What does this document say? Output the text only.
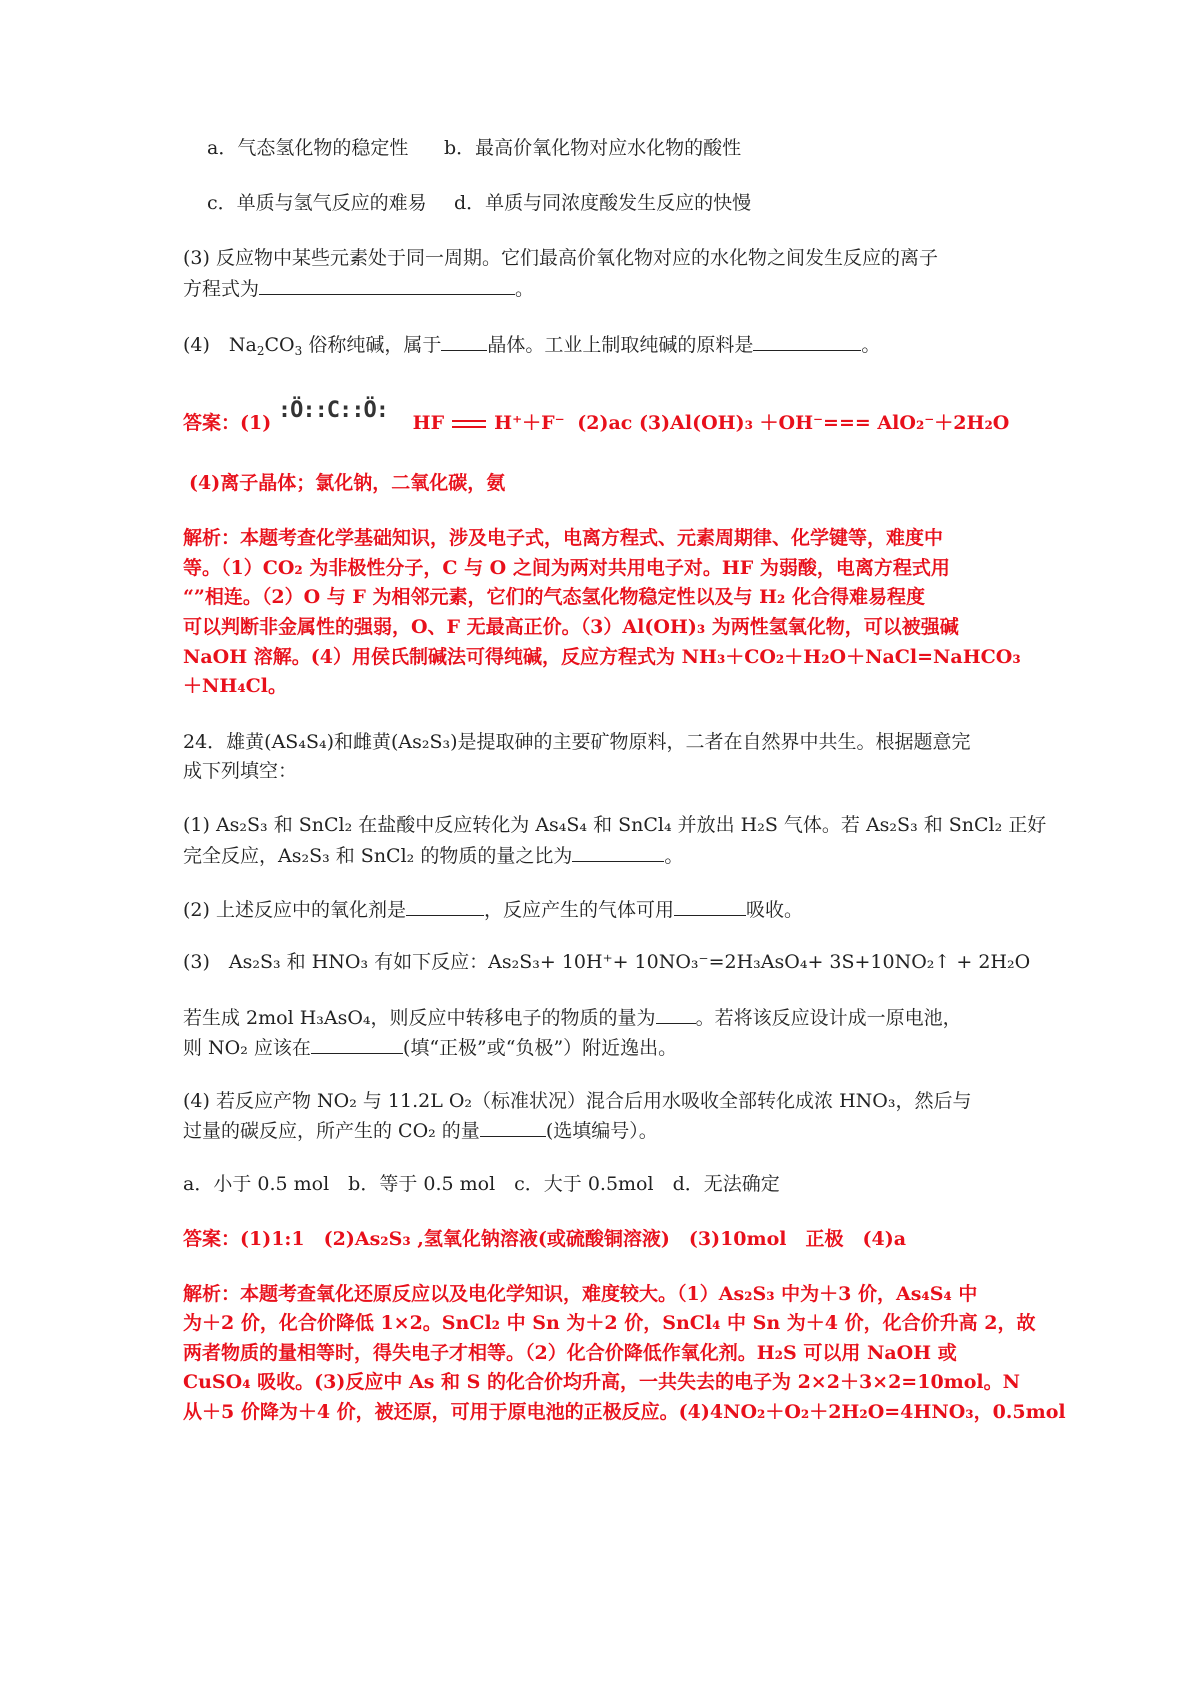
a．气态氢化物的稳定性 b．最高价氧化物对应水化物的酸性
c．单质与氢气反应的难易 d．单质与同浓度酸发生反应的快慢
(3) 反应物中某些元素处于同一周期。它们最高价氧化物对应的水化物之间发生反应的离子
方程式为	。
(4)　$Na_2CO_3$ 俗称纯碱，属于 晶体。工业上制取纯碱的原料是	。
答案：(1) :Ö::C::Ö: HF	H⁺＋F⁻ (2)ac (3)Al(OH)₃ ＋OH⁻=== AlO₂⁻＋2H₂O
(4)离子晶体；氯化钠，二氧化碳，氨
解析：本题考查化学基础知识，涉及电子式，电离方程式、元素周期律、化学键等，难度中
等。（1）CO₂ 为非极性分子，C 与 O 之间为两对共用电子对。HF 为弱酸，电离方程式用
“”相连。（2）O 与 F 为相邻元素，它们的气态氢化物稳定性以及与 H₂ 化合得难易程度
可以判断非金属性的强弱，O、F 无最高正价。（3）Al(OH)₃ 为两性氢氧化物，可以被强碱
NaOH 溶解。(4）用侯氏制碱法可得纯碱，反应方程式为 NH₃＋CO₂＋H₂O＋NaCl=NaHCO₃
＋NH₄Cl。
24．雄黄(AS₄S₄)和雌黄(As₂S₃)是提取砷的主要矿物原料，二者在自然界中共生。根据题意完
成下列填空：
(1) As₂S₃ 和 SnCl₂ 在盐酸中反应转化为 As₄S₄ 和 SnCl₄ 并放出 H₂S 气体。若 As₂S₃ 和 SnCl₂ 正好
完全反应，As₂S₃ 和 SnCl₂ 的物质的量之比为	。
(2) 上述反应中的氧化剂是	，反应产生的气体可用	吸收。
(3)　As₂S₃ 和 HNO₃ 有如下反应：As₂S₃+ 10H⁺+ 10NO₃⁻=2H₃AsO₄+ 3S+10NO₂↑ + 2H₂O
若生成 2mol H₃AsO₄，则反应中转移电子的物质的量为 。若将该反应设计成一原电池，
则 NO₂ 应该在	(填“正极”或“负极”）附近逸出。
(4) 若反应产物 NO₂ 与 11.2L O₂（标准状况）混合后用水吸收全部转化成浓 HNO₃，然后与
过量的碳反应，所产生的 CO₂ 的量	(选填编号）。
a．小于 0.5 mol　b．等于 0.5 mol　c．大于 0.5mol　d．无法确定
答案：(1)1:1　(2)As₂S₃ ,氢氧化钠溶液(或硫酸铜溶液)　(3)10mol　正极　(4)a
解析：本题考查氧化还原反应以及电化学知识，难度较大。（1）As₂S₃ 中为＋3 价，As₄S₄ 中
为＋2 价，化合价降低 1×2。SnCl₂ 中 Sn 为＋2 价，SnCl₄ 中 Sn 为＋4 价，化合价升高 2，故
两者物质的量相等时，得失电子才相等。（2）化合价降低作氧化剂。H₂S 可以用 NaOH 或
CuSO₄ 吸收。(3)反应中 As 和 S 的化合价均升高，一共失去的电子为 2×2＋3×2=10mol。N
从＋5 价降为＋4 价，被还原，可用于原电池的正极反应。(4)4NO₂＋O₂＋2H₂O=4HNO₃，0.5mol
